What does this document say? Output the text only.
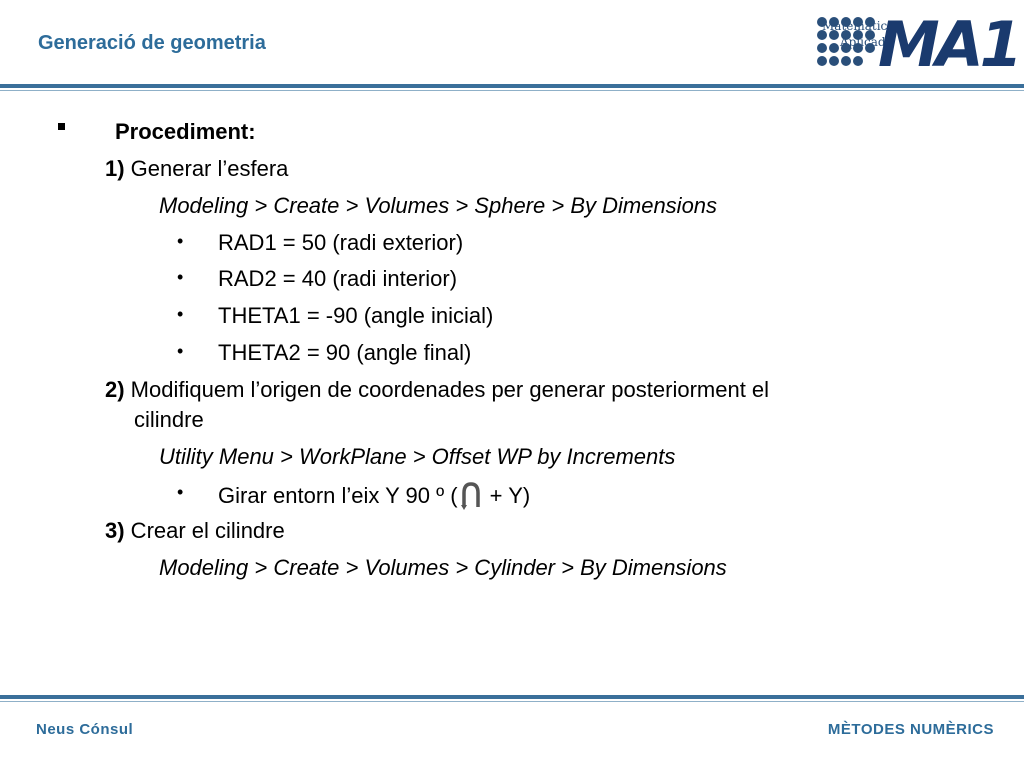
Generació de geometria
Matemàtica
Aplicada
MA1
Procediment:
1) Generar l’esfera
Modeling > Create > Volumes > Sphere > By Dimensions
• RAD1 = 50 (radi exterior)
• RAD2 = 40 (radi interior)
• THETA1 = -90 (angle inicial)
• THETA2 = 90 (angle final)
2) Modifiquem l’origen de coordenades per generar posteriorment el
cilindre
Utility Menu > WorkPlane > Offset WP by Increments
• Girar entorn l’eix Y 90 º ( + Y)
3) Crear el cilindre
Modeling > Create > Volumes > Cylinder > By Dimensions
Neus Cónsul	MÈTODES NUMÈRICS
